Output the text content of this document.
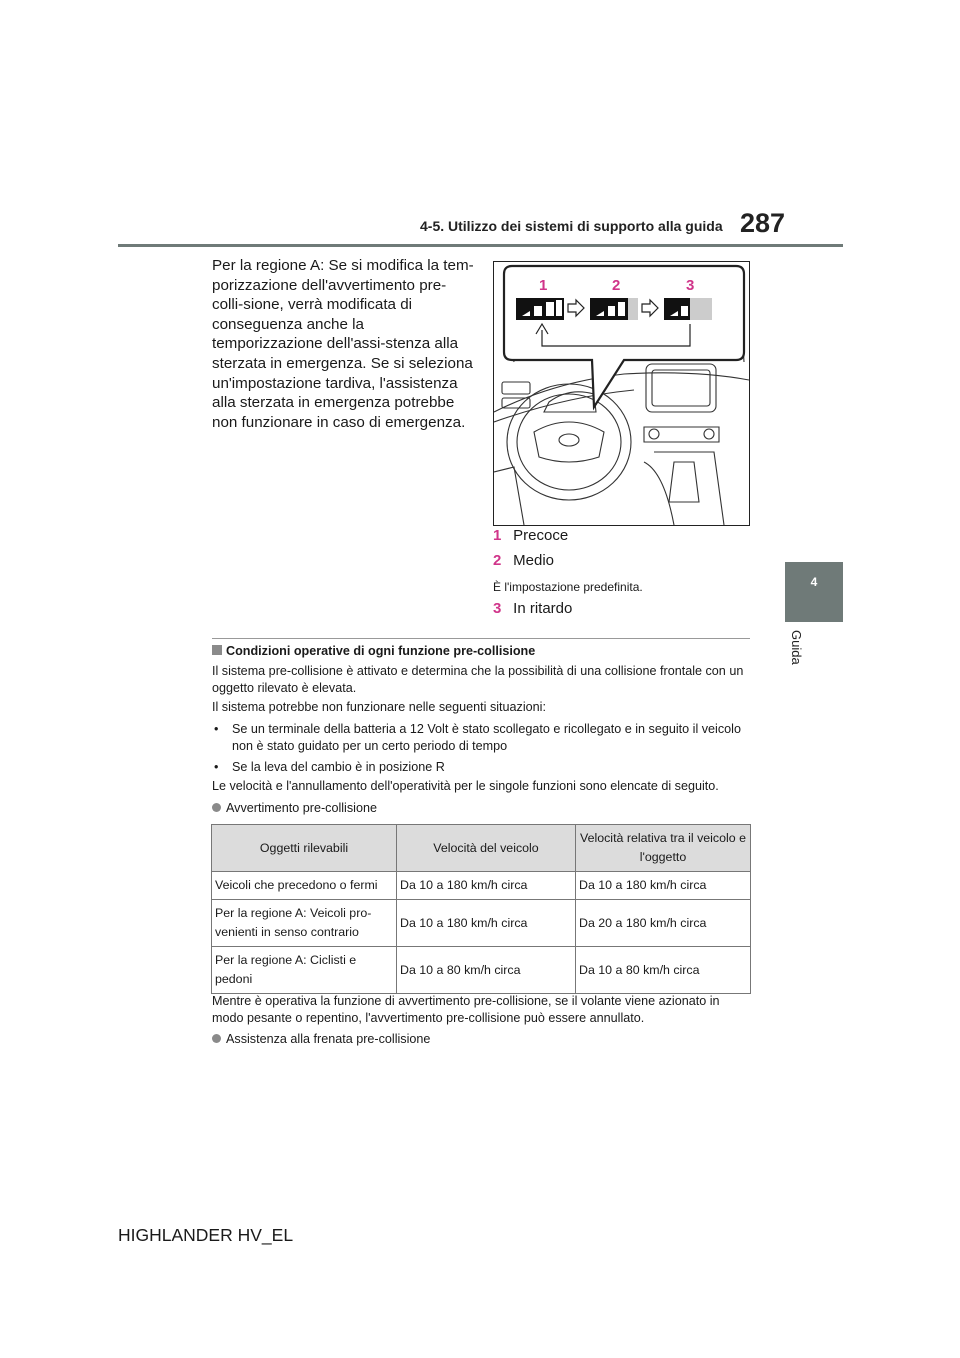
4-5. Utilizzo dei sistemi di supporto alla guida 287
4
Guida
Per la regione A: Se si modifica la tem-porizzazione dell'avvertimento pre-colli-sione, verrà modificata di conseguenza anche la temporizzazione dell'assi-stenza alla sterzata in emergenza. Se si seleziona un'impostazione tardiva, l'assistenza alla sterzata in emergenza potrebbe non funzionare in caso di emergenza.
1	2	3
1 Precoce
2 Medio
È l'impostazione predefinita.
3 In ritardo
Condizioni operative di ogni funzione pre-collisione
Il sistema pre-collisione è attivato e determina che la possibilità di una collisione frontale con un oggetto rilevato è elevata.
Il sistema potrebbe non funzionare nelle seguenti situazioni:
• Se un terminale della batteria a 12 Volt è stato scollegato e ricollegato e in seguito il veicolo non è stato guidato per un certo periodo di tempo
• Se la leva del cambio è in posizione R
Le velocità e l'annullamento dell'operatività per le singole funzioni sono elencate di seguito.
Avvertimento pre-collisione
Oggetti rilevabili	Velocità del veicolo	Velocità relativa tra il veicolo e l'oggetto
Veicoli che precedono o fermi	Da 10 a 180 km/h circa	Da 10 a 180 km/h circa
Per la regione A: Veicoli pro-venienti in senso contrario	Da 10 a 180 km/h circa	Da 20 a 180 km/h circa
Per la regione A: Ciclisti e pedoni	Da 10 a 80 km/h circa	Da 10 a 80 km/h circa
Mentre è operativa la funzione di avvertimento pre-collisione, se il volante viene azionato in modo pesante o repentino, l'avvertimento pre-collisione può essere annullato.
Assistenza alla frenata pre-collisione
HIGHLANDER HV_EL
